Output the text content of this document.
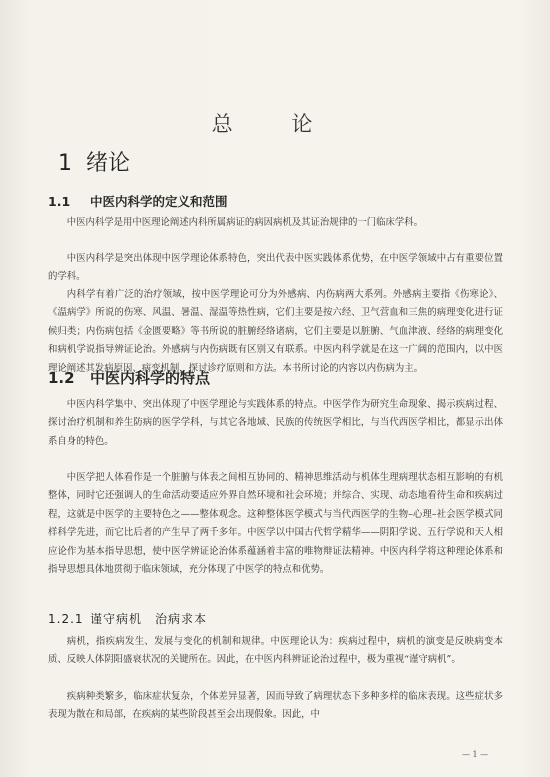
总 论
1 绪论
1.1 中医内科学的定义和范围

中医内科学是用中医理论阐述内科所属病证的病因病机及其证治规律的一门临床学科。

中医内科学是突出体现中医学理论体系特色，突出代表中医实践体系优势，在中医学领域中占有重要位置的学科。

内科学有着广泛的治疗领域，按中医学理论可分为外感病、内伤病两大系列。外感病主要指《伤寒论》、《温病学》所说的伤寒、风温、暑温、湿温等热性病，它们主要是按六经、卫气营血和三焦的病理变化进行证候归类；内伤病包括《金匮要略》等书所说的脏腑经络诸病，它们主要是以脏腑、气血津液、经络的病理变化和病机学说指导辨证论治。外感病与内伤病既有区别又有联系。中医内科学就是在这一广阔的范围内，以中医理论阐述其发病原因、病变机制，探讨诊疗原则和方法。本书所讨论的内容以内伤病为主。

1.2 中医内科学的特点

中医内科学集中、突出体现了中医学理论与实践体系的特点。中医学作为研究生命现象、揭示疾病过程、探讨治疗机制和养生防病的医学学科，与其它各地域、民族的传统医学相比，与当代西医学相比，都显示出体系自身的特色。

中医学把人体看作是一个脏腑与体表之间相互协同的、精神思维活动与机体生理病理状态相互影响的有机整体，同时它还强调人的生命活动要适应外界自然环境和社会环境；并综合、实现、动态地看待生命和疾病过程，这就是中医学的主要特色之——整体观念。这种整体医学模式与当代西医学的生物–心理–社会医学模式同样科学先进，而它比后者的产生早了两千多年。中医学以中国古代哲学精华——阴阳学说、五行学说和天人相应论作为基本指导思想，使中医学辨证论治体系蕴涵着丰富的唯物辩证法精神。中医内科学将这种理论体系和指导思想具体地贯彻于临床领域，充分体现了中医学的特点和优势。

1.2.1 谨守病机　治病求本

病机，指疾病发生、发展与变化的机制和规律。中医理论认为：疾病过程中，病机的演变是反映病变本质、反映人体阴阳盛衰状况的关键所在。因此，在中医内科辨证论治过程中，极为重视“谨守病机”。

疾病种类繁多，临床症状复杂，个体差异显著，因而导致了病理状态下多种多样的临床表现。这些症状多表现为散在和局部，在疾病的某些阶段甚至会出现假象。因此，中

— 1 —
